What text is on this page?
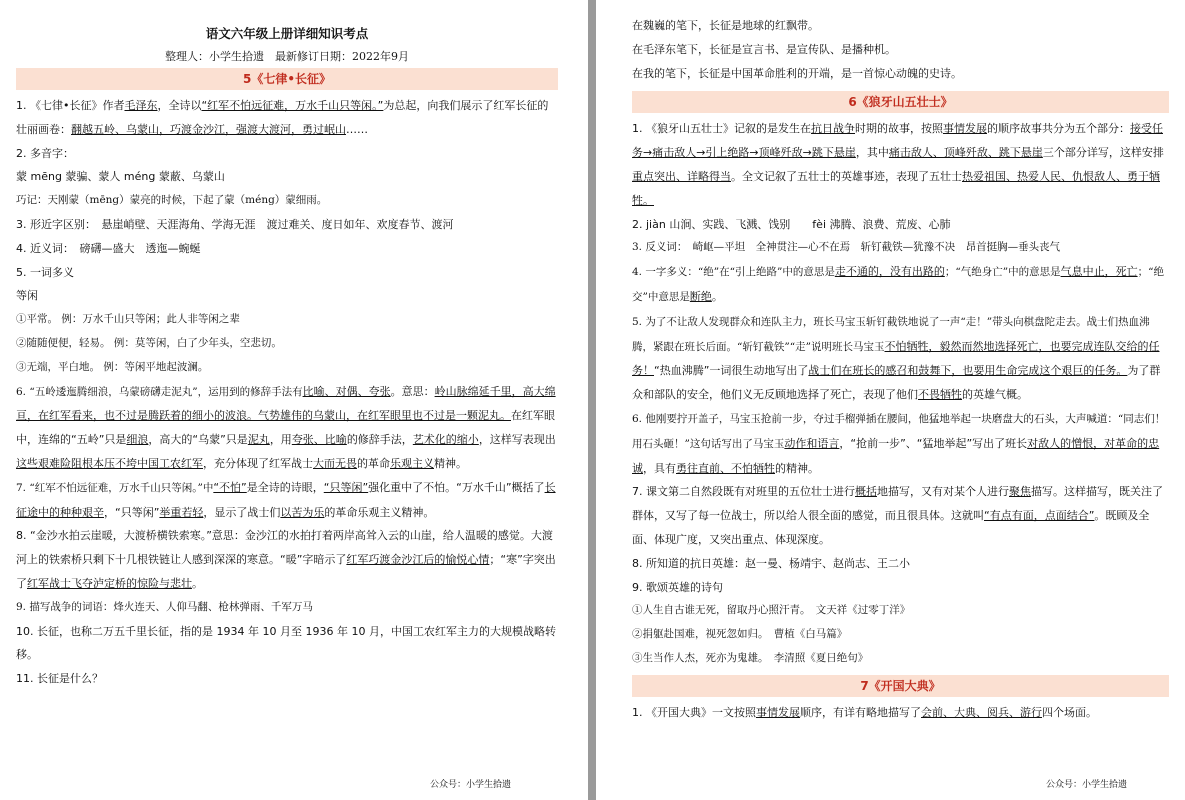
语文六年级上册详细知识考点
整理人：小学生拾遗　最新修订日期：2022年9月
5《七律•长征》

1. 《七律•长征》作者毛泽东，全诗以“红军不怕远征难，万水千山只等闲。”为总起，向我们展示了红军长征的壮丽画卷：翻越五岭、乌蒙山，巧渡金沙江，强渡大渡河，勇过岷山……

2. 多音字：

蒙 mēng 蒙骗、蒙人 méng 蒙蔽、乌蒙山

巧记：天刚蒙（mēng）蒙亮的时候，下起了蒙（méng）蒙细雨。

3. 形近字区别：　悬崖峭壁、天涯海角、学海无涯　渡过难关、度日如年、欢度春节、渡河

4. 近义词：　磅礴—盛大　透迤—蜿蜒

5. 一词多义

等闲

①平常。 例：万水千山只等闲；此人非等闲之辈

②随随便便，轻易。 例：莫等闲，白了少年头，空悲切。

③无端，平白地。 例：等闲平地起波澜。

6. “五岭逶迤腾细浪，乌蒙磅礴走泥丸”，运用到的修辞手法有比喻、对偶、夸张。意思：岭山脉绵延千里，高大绵亘，在红军看来，也不过是腾跃着的细小的波浪。气势雄伟的乌蒙山，在红军眼里也不过是一颗泥丸。在红军眼中，连绵的“五岭”只是细浪，高大的“乌蒙”只是泥丸，用夸张、比喻的修辞手法，艺术化的缩小，这样写表现出这些艰难险阻根本压不垮中国工农红军，充分体现了红军战士大而无畏的革命乐观主义精神。

7. “红军不怕远征难，万水千山只等闲。”中“不怕”是全诗的诗眼，“只等闲”强化重中了不怕。“万水千山”概括了长征途中的种种艰辛，“只等闲”举重若轻，显示了战士们以苦为乐的革命乐观主义精神。

8. “金沙水拍云崖暖，大渡桥横铁索寒。”意思：金沙江的水拍打着两岸高耸入云的山崖，给人温暖的感觉。大渡河上的铁索桥只剩下十几根铁链让人感到深深的寒意。“暖”字暗示了红军巧渡金沙江后的愉悦心情；“寒”字突出了红军战士飞夺泸定桥的惊险与悲壮。

9. 描写战争的词语：烽火连天、人仰马翻、枪林弹雨、千军万马

10. 长征，也称二万五千里长征，指的是 1934 年 10 月至 1936 年 10 月，中国工农红军主力的大规模战略转移。

11. 长征是什么？

公众号：小学生拾遗

在魏巍的笔下，长征是地球的红飘带。

在毛泽东笔下，长征是宣言书、是宣传队、是播种机。

在我的笔下，长征是中国革命胜利的开端，是一首惊心动魄的史诗。

6《狼牙山五壮士》

1. 《狼牙山五壮士》记叙的是发生在抗日战争时期的故事，按照事情发展的顺序故事共分为五个部分：接受任务→痛击敌人→引上绝路→顶峰歼敌→跳下悬崖，其中痛击敌人、顶峰歼敌、跳下悬崖三个部分详写，这样安排重点突出、详略得当。全文记叙了五壮士的英雄事迹，表现了五壮士热爱祖国、热爱人民、仇恨敌人、勇于牺牲。

2. jiàn 山涧、实践、飞溅、饯别　　fèi 沸腾、浪费、荒废、心肺

3. 反义词：　崎岖—平坦　全神贯注—心不在焉　斩钉截铁—犹豫不决　昂首挺胸—垂头丧气

4. 一字多义：“绝”在“引上绝路”中的意思是走不通的，没有出路的；“气绝身亡”中的意思是气息中止，死亡；“绝交”中意思是断绝。

5. 为了不让敌人发现群众和连队主力，班长马宝玉斩钉截铁地说了一声“走！”带头向棋盘陀走去。战士们热血沸腾，紧跟在班长后面。“斩钉截铁”“走”说明班长马宝玉不怕牺牲，毅然而然地选择死亡，也要完成连队交给的任务！“热血沸腾”一词很生动地写出了战士们在班长的感召和鼓舞下，也要用生命完成这个艰巨的任务。为了群众和部队的安全，他们义无反顾地选择了死亡，表现了他们不畏牺牲的英雄气概。

6. 他刚要拧开盖子，马宝玉抢前一步，夺过手榴弹插在腰间，他猛地举起一块磨盘大的石头，大声喊道：“同志们！用石头砸！”这句话写出了马宝玉动作和语言，“抢前一步”、“猛地举起”写出了班长对敌人的憎恨，对革命的忠诚，具有勇往直前、不怕牺牲的精神。

7. 课文第二自然段既有对班里的五位壮士进行概括地描写，又有对某个人进行聚焦描写。这样描写，既关注了群体，又写了每一位战士，所以给人很全面的感觉，而且很具体。这就叫“有点有面，点面结合”。既顾及全面、体现广度，又突出重点、体现深度。

8. 所知道的抗日英雄：赵一曼、杨靖宇、赵尚志、王二小

9. 歌颂英雄的诗句

①人生自古谁无死，留取丹心照汗青。　文天祥《过零丁洋》

②捐躯赴国难，视死忽如归。　曹植《白马篇》

③生当作人杰，死亦为鬼雄。　李清照《夏日绝句》

7《开国大典》

1. 《开国大典》一文按照事情发展顺序，有详有略地描写了会前、大典、阅兵、游行四个场面。

公众号：小学生拾遗
